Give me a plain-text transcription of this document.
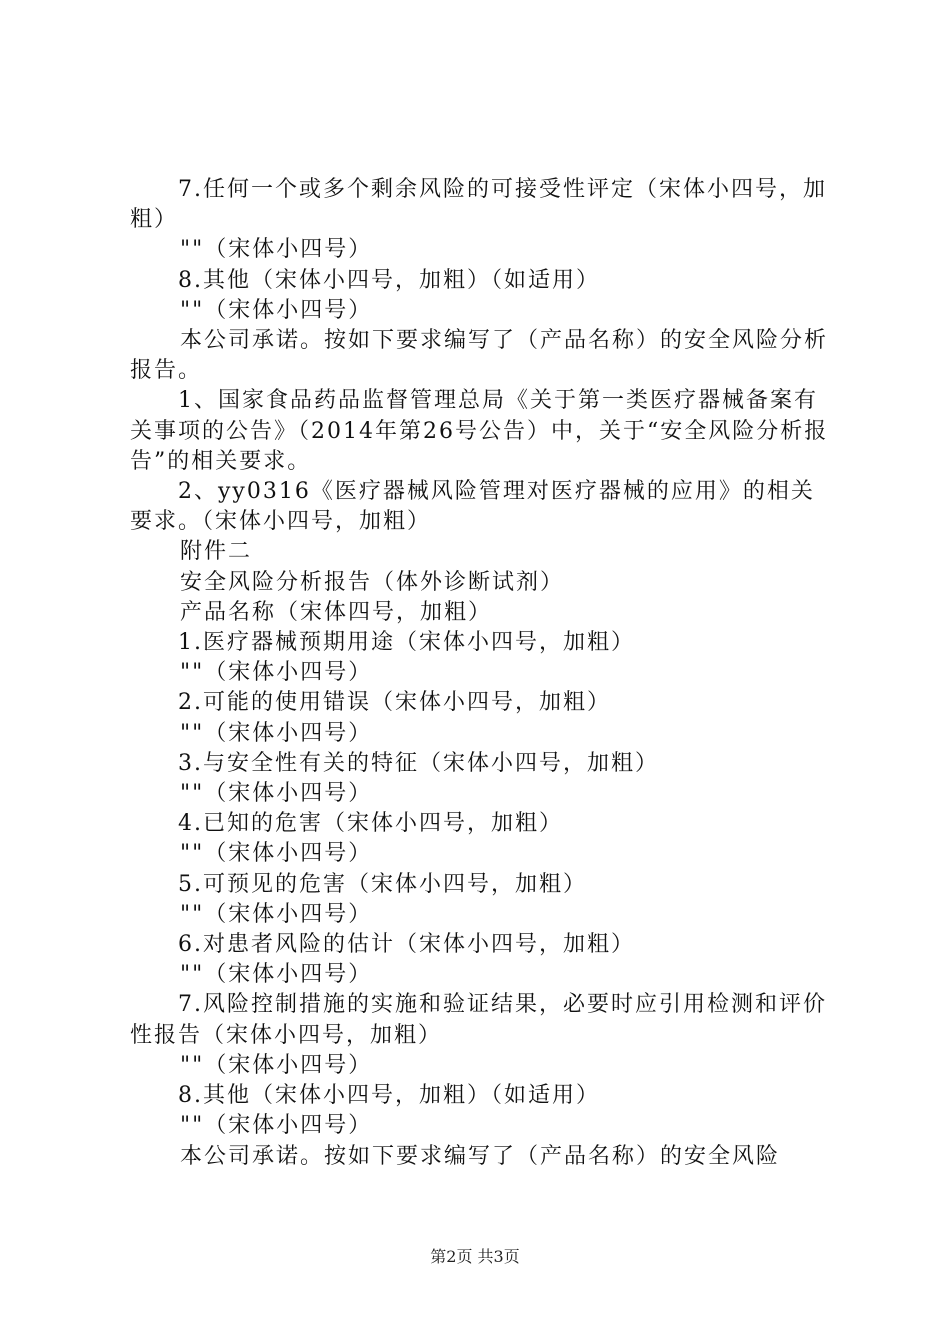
7.任何一个或多个剩余风险的可接受性评定（宋体小四号，加粗）

""（宋体小四号）

8.其他（宋体小四号，加粗）（如适用）

""（宋体小四号）

本公司承诺。按如下要求编写了（产品名称）的安全风险分析报告。

1、国家食品药品监督管理总局《关于第一类医疗器械备案有关事项的公告》（2014年第26号公告）中，关于“安全风险分析报告”的相关要求。

2、yy0316《医疗器械风险管理对医疗器械的应用》的相关要求。（宋体小四号，加粗）

附件二

安全风险分析报告（体外诊断试剂）

产品名称（宋体四号，加粗）

1.医疗器械预期用途（宋体小四号，加粗）

""（宋体小四号）

2.可能的使用错误（宋体小四号，加粗）

""（宋体小四号）

3.与安全性有关的特征（宋体小四号，加粗）

""（宋体小四号）

4.已知的危害（宋体小四号，加粗）

""（宋体小四号）

5.可预见的危害（宋体小四号，加粗）

""（宋体小四号）

6.对患者风险的估计（宋体小四号，加粗）

""（宋体小四号）

7.风险控制措施的实施和验证结果，必要时应引用检测和评价性报告（宋体小四号，加粗）

""（宋体小四号）

8.其他（宋体小四号，加粗）（如适用）

""（宋体小四号）

本公司承诺。按如下要求编写了（产品名称）的安全风险

第2页 共3页
